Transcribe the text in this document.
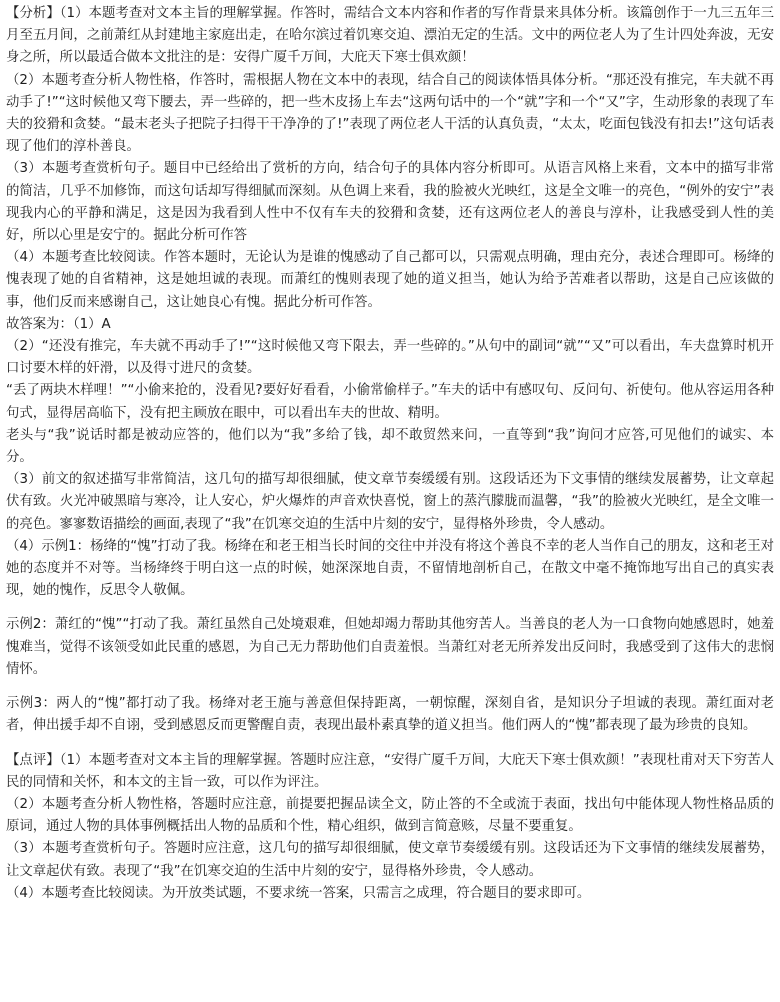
【分析】（1）本题考查对文本主旨的理解掌握。作答时，需结合文本内容和作者的写作背景来具体分析。该篇创作于一九三五年三月至五月间，之前萧红从封建地主家庭出走，在哈尔滨过着饥寒交迫、漂泊无定的生活。文中的两位老人为了生计四处奔波，无安身之所，所以最适合做本文批注的是：安得广厦千万间，大庇天下寒士俱欢颜！

（2）本题考查分析人物性格，作答时，需根据人物在文本中的表现，结合自己的阅读体悟具体分析。“那还没有推完，车夫就不再动手了!”“这时候他又弯下腰去，弄一些碎的，把一些木皮扬上车去“这两句话中的一个“就”字和一个“又”字，生动形象的表现了车夫的狡猾和贪婪。“最末老头子把院子扫得干干净净的了!”表现了两位老人干活的认真负责，“太太，吃面包钱没有扣去!”这句话表现了他们的淳朴善良。

（3）本题考查赏析句子。题目中已经给出了赏析的方向，结合句子的具体内容分析即可。从语言风格上来看，文本中的描写非常的简洁，几乎不加修饰，而这句话却写得细腻而深刻。从色调上来看，我的脸被火光映红，这是全文唯一的亮色，“例外的安宁”表现我内心的平静和满足，这是因为我看到人性中不仅有车夫的狡猾和贪婪，还有这两位老人的善良与淳朴，让我感受到人性的美好，所以心里是安宁的。据此分析可作答

（4）本题考查比较阅读。作答本题时，无论认为是谁的愧感动了自己都可以，只需观点明确，理由充分，表述合理即可。杨绛的愧表现了她的自省精神，这是她坦诚的表现。而萧红的愧则表现了她的道义担当，她认为给予苦难者以帮助，这是自己应该做的事，他们反而来感谢自己，这让她良心有愧。据此分析可作答。

故答案为：（1）A

（2）“还没有推完，车夫就不再动手了!”“这时候他又弯下限去，弄一些碎的。”从句中的副词“就”“又”可以看出，车夫盘算时机开口讨要木样的奸滑，以及得寸进尺的贪婪。

“丢了两块木样哩！”“小偷来抢的，没看见?要好好看看，小偷常偷样子。”车夫的话中有感叹句、反问句、祈使句。他从容运用各种句式，显得居高临下，没有把主顾放在眼中，可以看出车夫的世故、精明。

老头与“我”说话时都是被动应答的，他们以为“我”多给了钱，却不敢贸然来问，一直等到“我”询问才应答,可见他们的诚实、本分。

（3）前文的叙述描写非常简洁，这几句的描写却很细腻，使文章节奏缓缓有别。这段话还为下文事情的继续发展蓄势，让文章起伏有致。火光冲破黑暗与寒冷，让人安心，炉火爆炸的声音欢快喜悦，窗上的蒸汽朦胧而温馨，“我”的脸被火光映红，是全文唯一的亮色。寥寥数语描绘的画面,表现了“我”在饥寒交迫的生活中片刻的安宁，显得格外珍贵，令人感动。

（4）示例1：杨绛的“愧”打动了我。杨绛在和老王相当长时间的交往中并没有将这个善良不幸的老人当作自己的朋友，这和老王对她的态度并不对等。当杨绛终于明白这一点的时候，她深深地自责，不留情地剖析自己，在散文中毫不掩饰地写出自己的真实表现，她的愧作，反思令人敬佩。

示例2：萧红的“愧”“打动了我。萧红虽然自己处境艰难，但她却竭力帮助其他穷苦人。当善良的老人为一口食物向她感恩时，她羞愧难当，觉得不该领受如此民重的感恩，为自己无力帮助他们自责羞恨。当萧红对老无所养发出反问时，我感受到了这伟大的悲悯情怀。

示例3：两人的“愧”都打动了我。杨绛对老王施与善意但保持距离，一朝惊醒，深刻自省，是知识分子坦诚的表现。萧红面对老者，伸出援手却不自诩，受到感恩反而更警醒自责，表现出最朴素真挚的道义担当。他们两人的“愧”都表现了最为珍贵的良知。

【点评】（1）本题考查对文本主旨的理解掌握。答题时应注意，“安得广厦千万间，大庇天下寒士俱欢颜！”表现杜甫对天下穷苦人民的同情和关怀，和本文的主旨一致，可以作为评注。

（2）本题考查分析人物性格，答题时应注意，前提要把握品读全文，防止答的不全或流于表面，找出句中能体现人物性格品质的原词，通过人物的具体事例概括出人物的品质和个性，精心组织，做到言简意赅，尽量不要重复。

（3）本题考查赏析句子。答题时应注意，这几句的描写却很细腻，使文章节奏缓缓有别。这段话还为下文事情的继续发展蓄势，让文章起伏有致。表现了“我”在饥寒交迫的生活中片刻的安宁，显得格外珍贵，令人感动。

（4）本题考查比较阅读。为开放类试题，不要求统一答案，只需言之成理，符合题目的要求即可。
